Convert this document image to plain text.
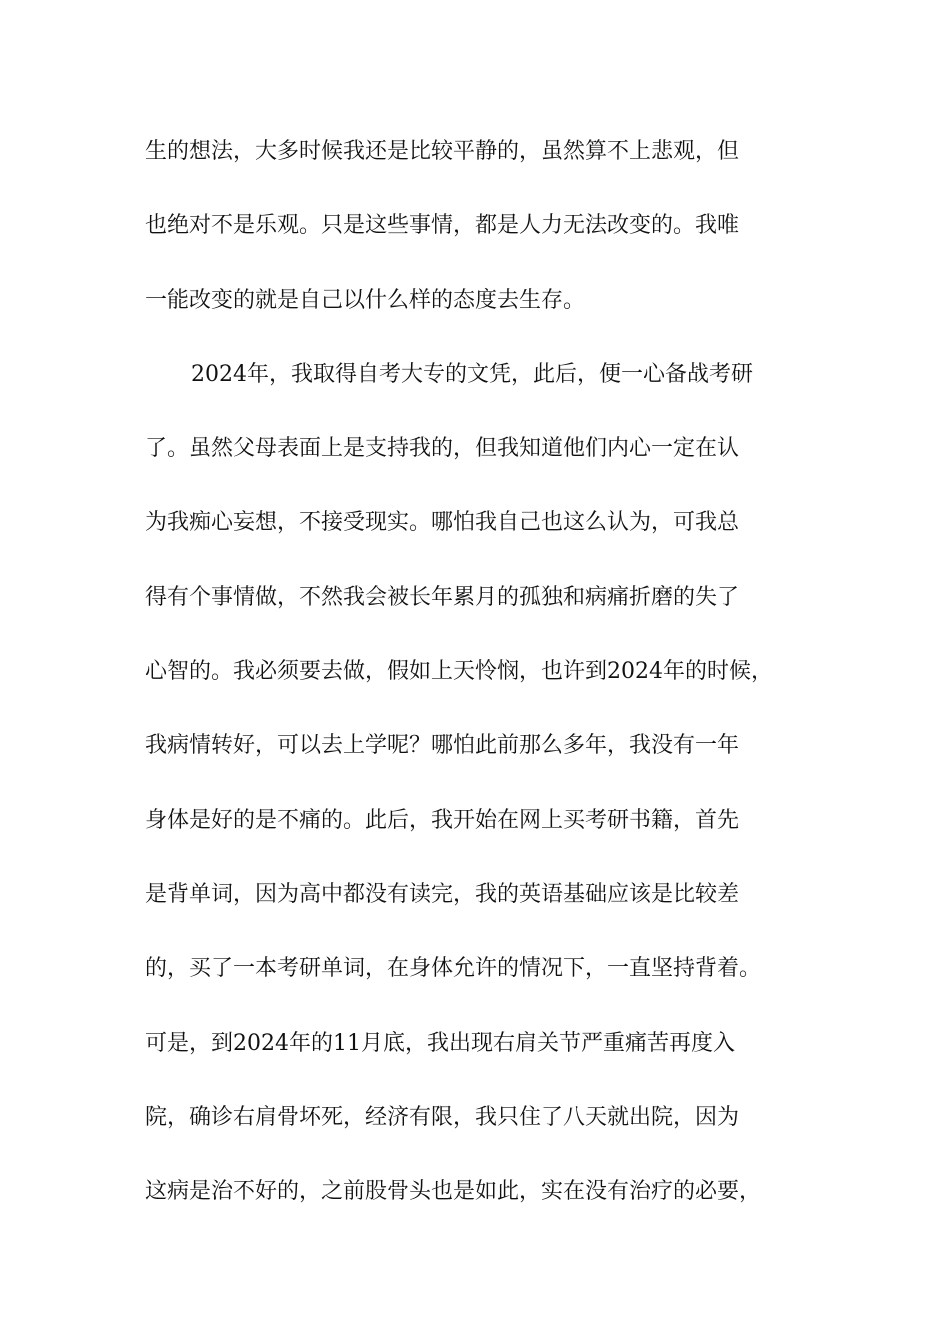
生的想法，大多时候我还是比较平静的，虽然算不上悲观，但
也绝对不是乐观。只是这些事情，都是人力无法改变的。我唯
一能改变的就是自己以什么样的态度去生存。
2024年，我取得自考大专的文凭，此后，便一心备战考研
了。虽然父母表面上是支持我的，但我知道他们内心一定在认
为我痴心妄想，不接受现实。哪怕我自己也这么认为，可我总
得有个事情做，不然我会被长年累月的孤独和病痛折磨的失了
心智的。我必须要去做，假如上天怜悯，也许到2024年的时候，
我病情转好，可以去上学呢？哪怕此前那么多年，我没有一年
身体是好的是不痛的。此后，我开始在网上买考研书籍，首先
是背单词，因为高中都没有读完，我的英语基础应该是比较差
的，买了一本考研单词，在身体允许的情况下，一直坚持背着。
可是，到2024年的11月底，我出现右肩关节严重痛苦再度入
院，确诊右肩骨坏死，经济有限，我只住了八天就出院，因为
这病是治不好的，之前股骨头也是如此，实在没有治疗的必要，
